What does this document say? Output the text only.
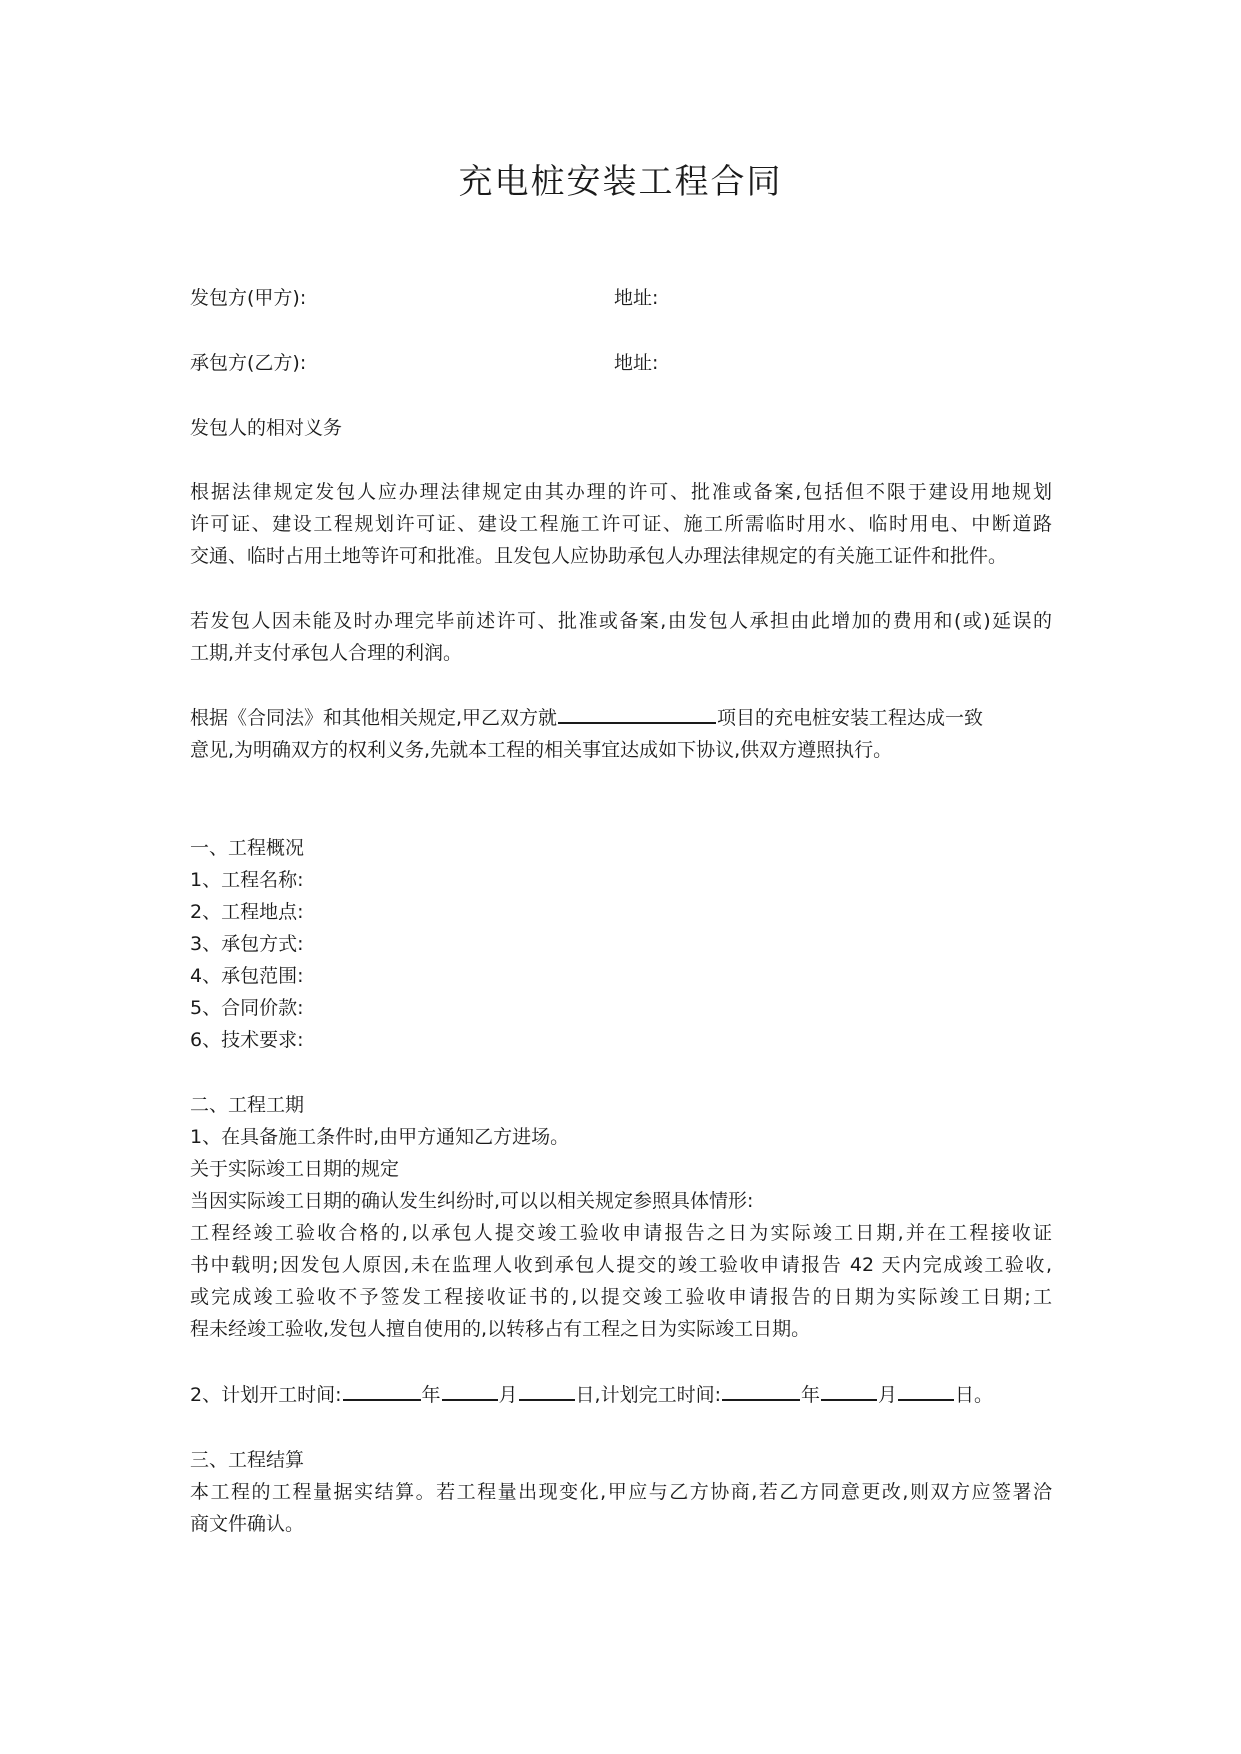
充电桩安装工程合同
发包方(甲方):	地址:
承包方(乙方):	地址:
发包人的相对义务
根据法律规定发包人应办理法律规定由其办理的许可、批准或备案,包括但不限于建设用地规划
许可证、建设工程规划许可证、建设工程施工许可证、施工所需临时用水、临时用电、中断道路
交通、临时占用土地等许可和批准。且发包人应协助承包人办理法律规定的有关施工证件和批件。
若发包人因未能及时办理完毕前述许可、批准或备案,由发包人承担由此增加的费用和(或)延误的
工期,并支付承包人合理的利润。
根据《合同法》和其他相关规定,甲乙双方就	项目的充电桩安装工程达成一致
意见,为明确双方的权利义务,先就本工程的相关事宜达成如下协议,供双方遵照执行。
一、工程概况
1、工程名称:
2、工程地点:
3、承包方式:
4、承包范围:
5、合同价款:
6、技术要求:
二、工程工期
1、在具备施工条件时,由甲方通知乙方进场。
关于实际竣工日期的规定
当因实际竣工日期的确认发生纠纷时,可以以相关规定参照具体情形:
工程经竣工验收合格的,以承包人提交竣工验收申请报告之日为实际竣工日期,并在工程接收证
书中载明;因发包人原因,未在监理人收到承包人提交的竣工验收申请报告 42 天内完成竣工验收,
或完成竣工验收不予签发工程接收证书的,以提交竣工验收申请报告的日期为实际竣工日期;工
程未经竣工验收,发包人擅自使用的,以转移占有工程之日为实际竣工日期。
2、计划开工时间:	年	月	日,计划完工时间:	年	月	日。
三、工程结算
本工程的工程量据实结算。若工程量出现变化,甲应与乙方协商,若乙方同意更改,则双方应签署洽
商文件确认。
